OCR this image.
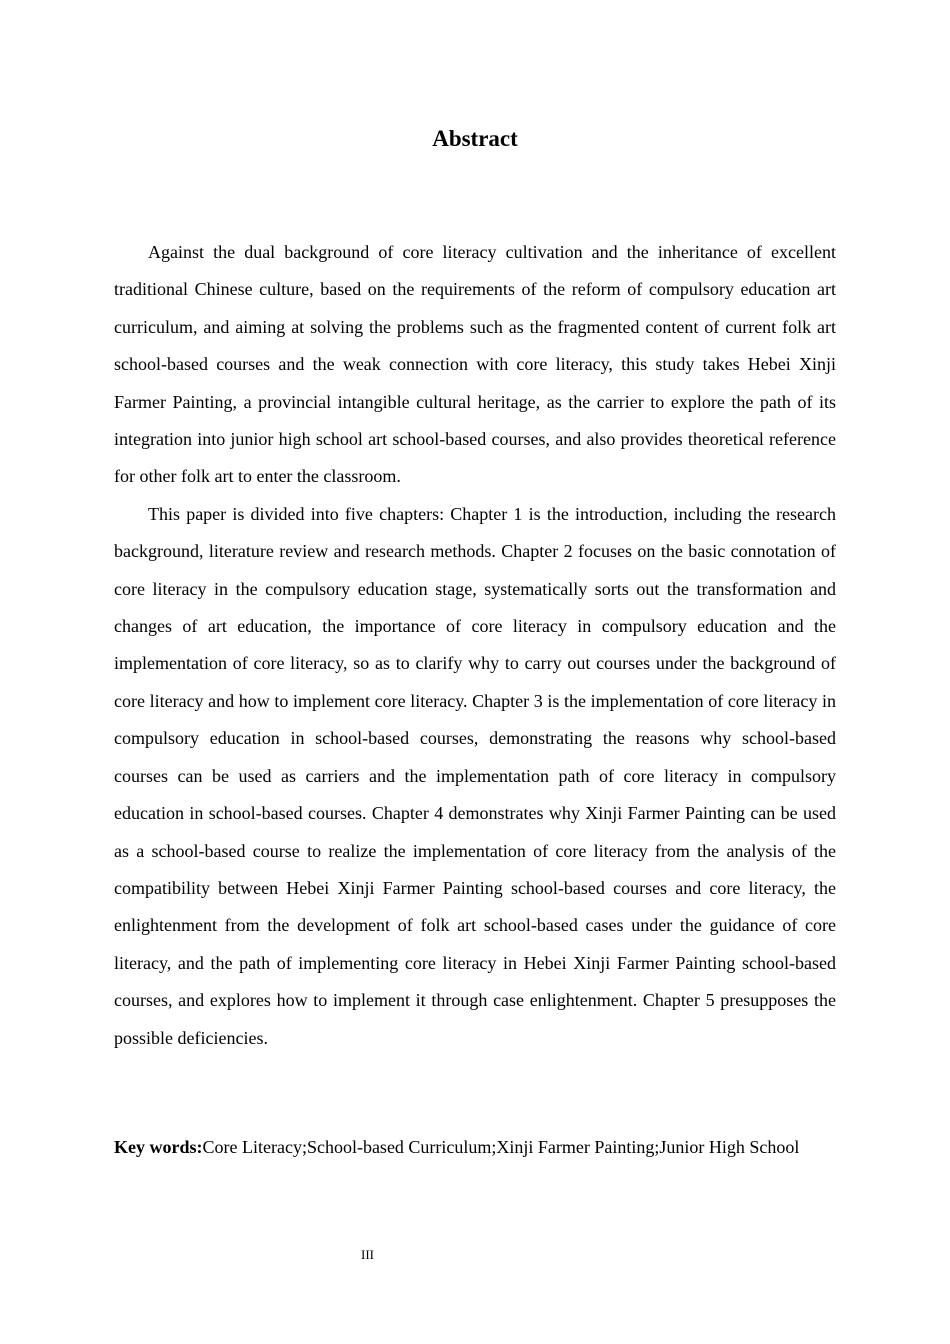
Abstract

Against the dual background of core literacy cultivation and the inheritance of excellent traditional Chinese culture, based on the requirements of the reform of compulsory education art curriculum, and aiming at solving the problems such as the fragmented content of current folk art school-based courses and the weak connection with core literacy, this study takes Hebei Xinji Farmer Painting, a provincial intangible cultural heritage, as the carrier to explore the path of its integration into junior high school art school-based courses, and also provides theoretical reference for other folk art to enter the classroom.

This paper is divided into five chapters: Chapter 1 is the introduction, including the research background, literature review and research methods. Chapter 2 focuses on the basic connotation of core literacy in the compulsory education stage, systematically sorts out the transformation and changes of art education, the importance of core literacy in compulsory education and the implementation of core literacy, so as to clarify why to carry out courses under the background of core literacy and how to implement core literacy. Chapter 3 is the implementation of core literacy in compulsory education in school-based courses, demonstrating the reasons why school-based courses can be used as carriers and the implementation path of core literacy in compulsory education in school-based courses. Chapter 4 demonstrates why Xinji Farmer Painting can be used as a school-based course to realize the implementation of core literacy from the analysis of the compatibility between Hebei Xinji Farmer Painting school-based courses and core literacy, the enlightenment from the development of folk art school-based cases under the guidance of core literacy, and the path of implementing core literacy in Hebei Xinji Farmer Painting school-based courses, and explores how to implement it through case enlightenment. Chapter 5 presupposes the possible deficiencies.

Key words:Core Literacy;School-based Curriculum;Xinji Farmer Painting;Junior High School

III
